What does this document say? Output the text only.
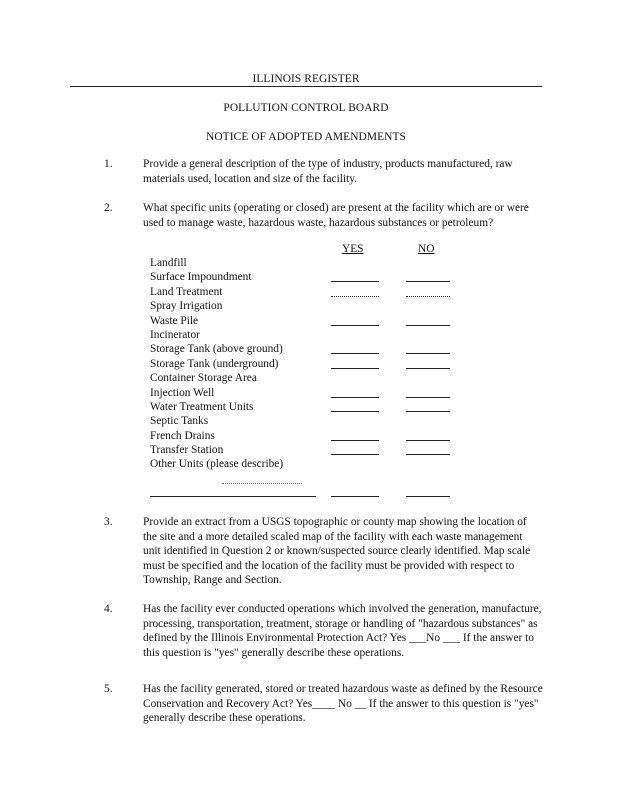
ILLINOIS REGISTER
POLLUTION CONTROL BOARD
NOTICE OF ADOPTED AMENDMENTS
1.	Provide a general description of the type of industry, products manufactured, raw materials used, location and size of the facility.
2.	What specific units (operating or closed) are present at the facility which are or were used to manage waste, hazardous waste, hazardous substances or petroleum?
YES	NO
Landfill
Surface Impoundment
Land Treatment
Spray Irrigation
Waste Pile
Incinerator
Storage Tank (above ground)
Storage Tank (underground)
Container Storage Area
Injection Well
Water Treatment Units
Septic Tanks
French Drains
Transfer Station
Other Units (please describe)
3.	Provide an extract from a USGS topographic or county map showing the location of the site and a more detailed scaled map of the facility with each waste management unit identified in Question 2 or known/suspected source clearly identified. Map scale must be specified and the location of the facility must be provided with respect to Township, Range and Section.
4.	Has the facility ever conducted operations which involved the generation, manufacture, processing, transportation, treatment, storage or handling of "hazardous substances" as defined by the Illinois Environmental Protection Act? Yes ___No ___ If the answer to this question is "yes" generally describe these operations.
5.	Has the facility generated, stored or treated hazardous waste as defined by the Resource Conservation and Recovery Act? Yes____ No __ If the answer to this question is "yes" generally describe these operations.
